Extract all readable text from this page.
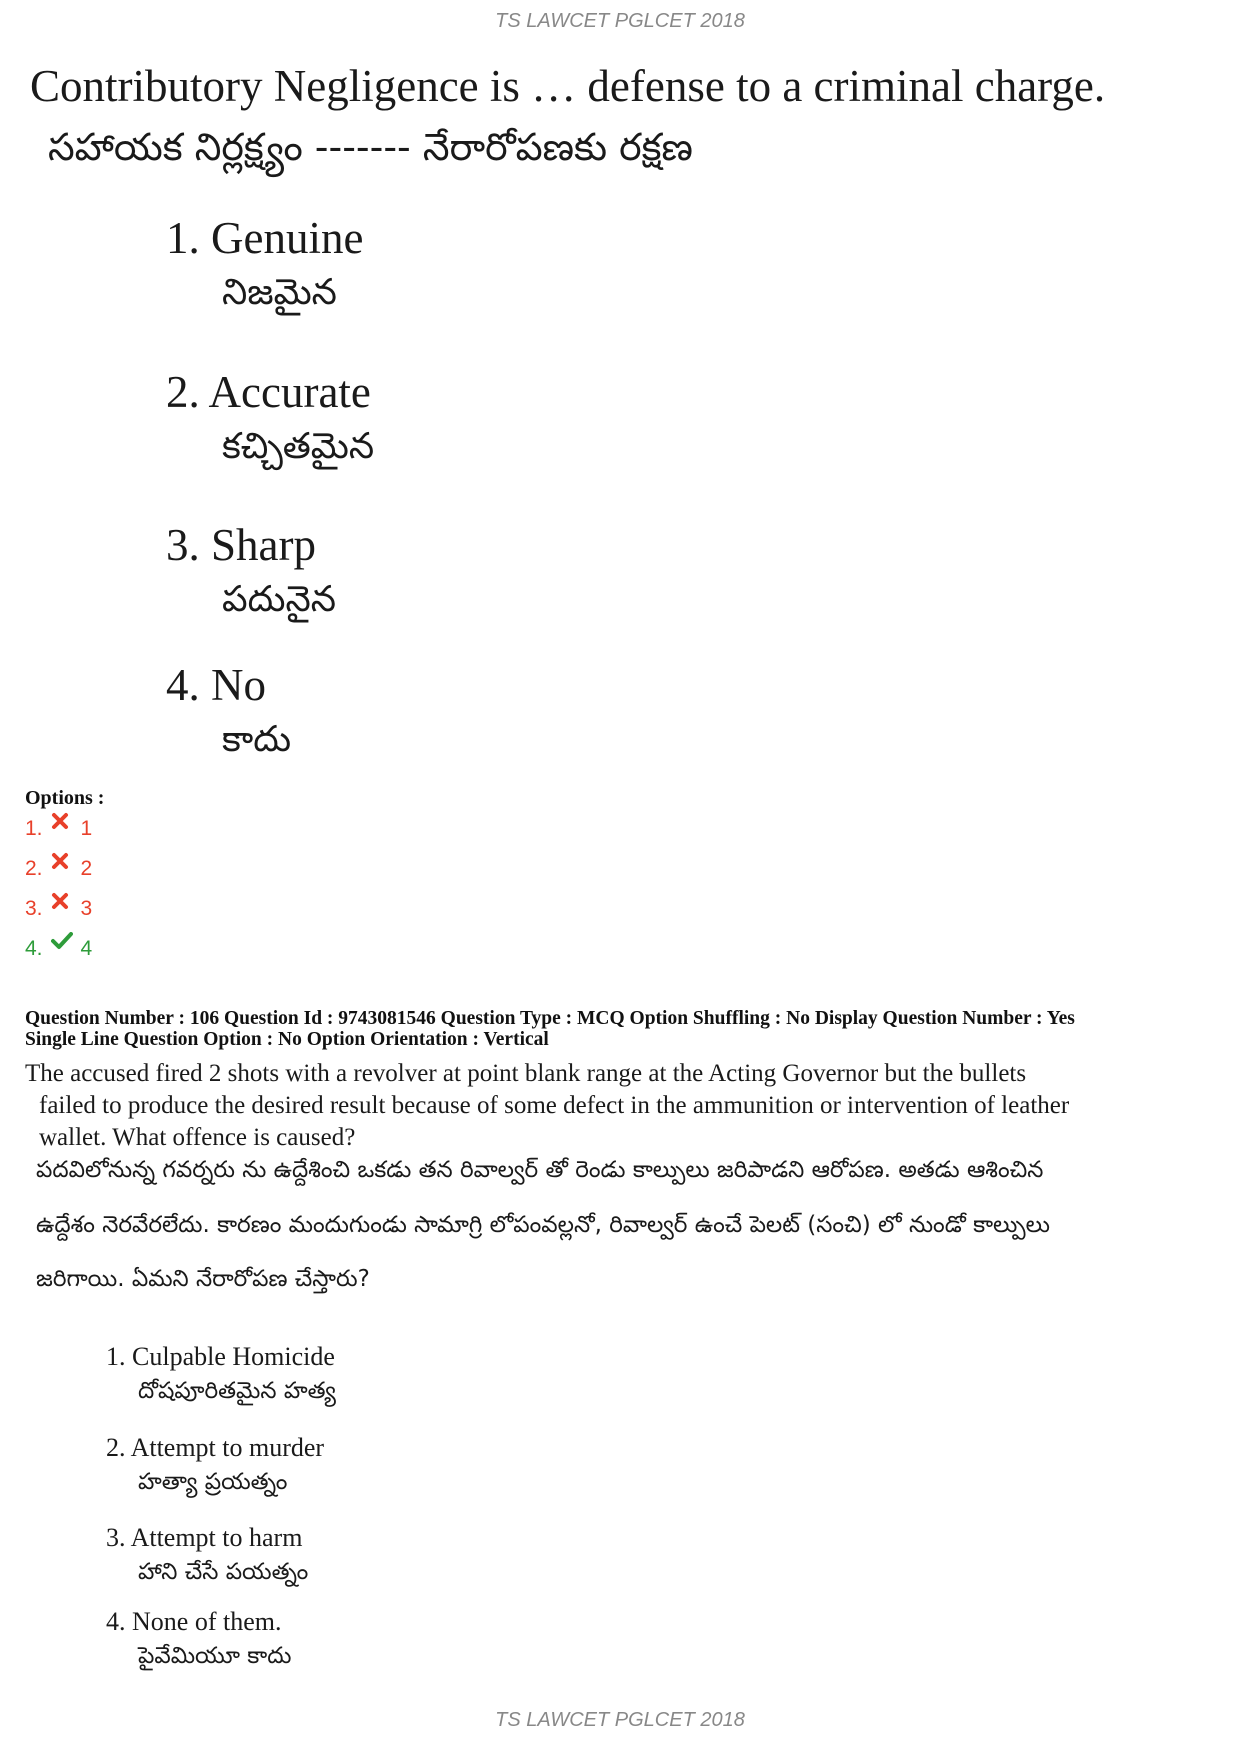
TS LAWCET PGLCET 2018
Contributory Negligence is … defense to a criminal charge.
సహాయక నిర్లక్ష్యం ------- నేరారోపణకు రక్షణ
1. Genuine
నిజమైన
2. Accurate
కచ్చితమైన
3. Sharp
పదునైన
4. No
కాదు
Options :
1. 1
2. 2
3. 3
4. 4
Question Number : 106 Question Id : 9743081546 Question Type : MCQ Option Shuffling : No Display Question Number : Yes
Single Line Question Option : No Option Orientation : Vertical
The accused fired 2 shots with a revolver at point blank range at the Acting Governor but the bullets
failed to produce the desired result because of some defect in the ammunition or intervention of leather
wallet. What offence is caused?
పదవిలోనున్న గవర్నరు ను ఉద్దేశించి ఒకడు తన రివాల్వర్ తో రెండు కాల్పులు జరిపాడని ఆరోపణ. అతడు ఆశించిన
ఉద్దేశం నెరవేరలేదు. కారణం మందుగుండు సామాగ్రి లోపంవల్లనో, రివాల్వర్ ఉంచే పెలట్ (సంచి) లో నుండో కాల్పులు
జరిగాయి. ఏమని నేరారోపణ చేస్తారు?
1. Culpable Homicide
దోషపూరితమైన హత్య
2. Attempt to murder
హత్యా ప్రయత్నం
3. Attempt to harm
హాని చేసే పయత్నం
4. None of them.
పైవేమియూ కాదు
TS LAWCET PGLCET 2018
